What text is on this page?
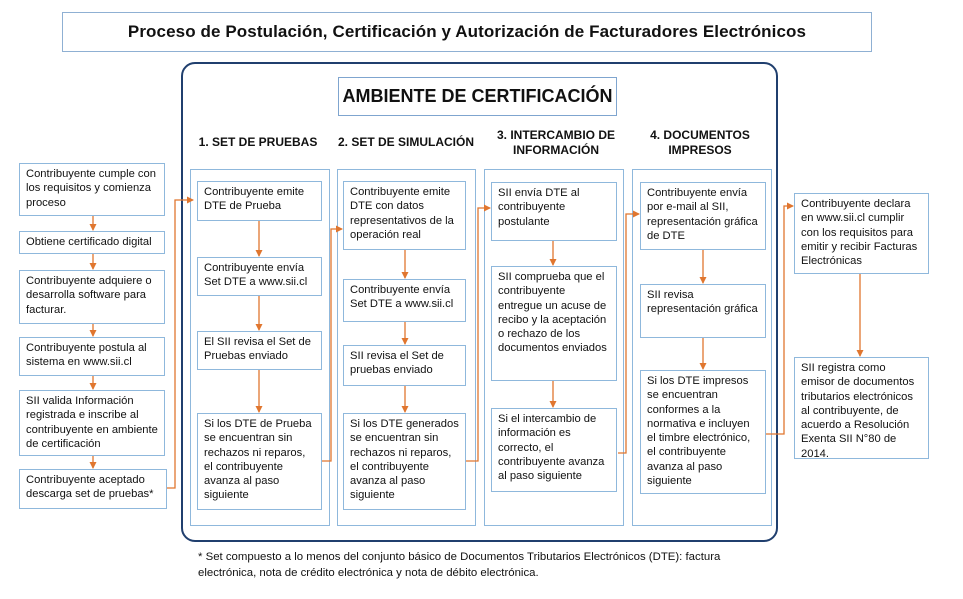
Proceso de Postulación, Certificación y Autorización de Facturadores Electrónicos
AMBIENTE DE CERTIFICACIÓN
1. SET DE PRUEBAS	2. SET DE SIMULACIÓN 3. INTERCAMBIO DE INFORMACIÓN
4. DOCUMENTOS IMPRESOS
Contribuyente cumple con los requisitos y comienza proceso
Obtiene certificado digital
Contribuyente adquiere o desarrolla software para facturar.
Contribuyente postula al sistema en www.sii.cl
SII valida Información registrada e inscribe al contribuyente en ambiente de certificación
Contribuyente aceptado descarga set de pruebas*
Contribuyente emite DTE de Prueba
Contribuyente envía Set DTE a www.sii.cl
El SII revisa el Set de Pruebas enviado
Si los DTE de Prueba se encuentran sin rechazos ni reparos, el contribuyente avanza al paso siguiente
Contribuyente emite DTE con datos representativos de la operación real
Contribuyente envía Set DTE a www.sii.cl
SII revisa el Set de pruebas enviado
Si los DTE generados se encuentran sin rechazos ni reparos, el contribuyente avanza al paso siguiente
SII envía DTE al contribuyente postulante
SII comprueba que el contribuyente entregue un acuse de recibo y la aceptación o rechazo de los documentos enviados
Si el intercambio de información es correcto, el contribuyente avanza al paso siguiente
Contribuyente envía por e-mail al SII, representación gráfica de DTE
SII revisa representación gráfica
Si los DTE impresos se encuentran conformes a la normativa e incluyen el timbre electrónico, el contribuyente avanza al paso siguiente
Contribuyente declara en www.sii.cl cumplir con los requisitos para emitir y recibir Facturas Electrónicas
SII registra como emisor de documentos tributarios electrónicos al contribuyente, de acuerdo a Resolución Exenta SII N°80 de 2014.
* Set compuesto a lo menos del conjunto básico de Documentos Tributarios Electrónicos (DTE): factura electrónica, nota de crédito electrónica y nota de débito electrónica.
